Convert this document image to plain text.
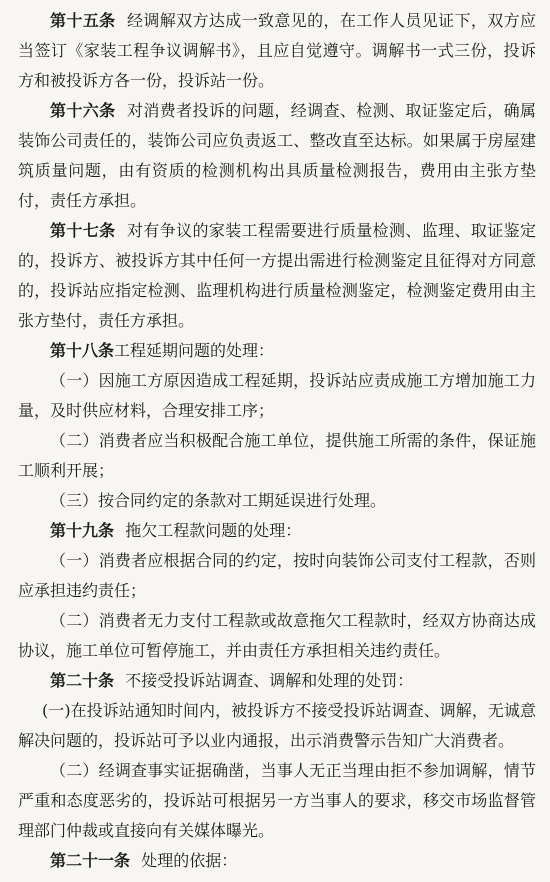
第十五条 经调解双方达成一致意见的，在工作人员见证下，双方应当签订《家装工程争议调解书》，且应自觉遵守。调解书一式三份，投诉方和被投诉方各一份，投诉站一份。

第十六条 对消费者投诉的问题，经调查、检测、取证鉴定后，确属装饰公司责任的，装饰公司应负责返工、整改直至达标。如果属于房屋建筑质量问题，由有资质的检测机构出具质量检测报告，费用由主张方垫付，责任方承担。

第十七条 对有争议的家装工程需要进行质量检测、监理、取证鉴定的，投诉方、被投诉方其中任何一方提出需进行检测鉴定且征得对方同意的，投诉站应指定检测、监理机构进行质量检测鉴定，检测鉴定费用由主张方垫付，责任方承担。

第十八条工程延期问题的处理：

（一）因施工方原因造成工程延期，投诉站应责成施工方增加施工力量，及时供应材料，合理安排工序；

（二）消费者应当积极配合施工单位，提供施工所需的条件，保证施工顺利开展；

（三）按合同约定的条款对工期延误进行处理。

第十九条 拖欠工程款问题的处理：

（一）消费者应根据合同的约定，按时向装饰公司支付工程款，否则应承担违约责任；

（二）消费者无力支付工程款或故意拖欠工程款时，经双方协商达成协议，施工单位可暂停施工，并由责任方承担相关违约责任。

第二十条 不接受投诉站调查、调解和处理的处罚：

(一)在投诉站通知时间内，被投诉方不接受投诉站调查、调解，无诚意解决问题的，投诉站可予以业内通报，出示消费警示告知广大消费者。

（二）经调查事实证据确凿，当事人无正当理由拒不参加调解，情节严重和态度恶劣的，投诉站可根据另一方当事人的要求，移交市场监督管理部门仲裁或直接向有关媒体曝光。

第二十一条 处理的依据：
